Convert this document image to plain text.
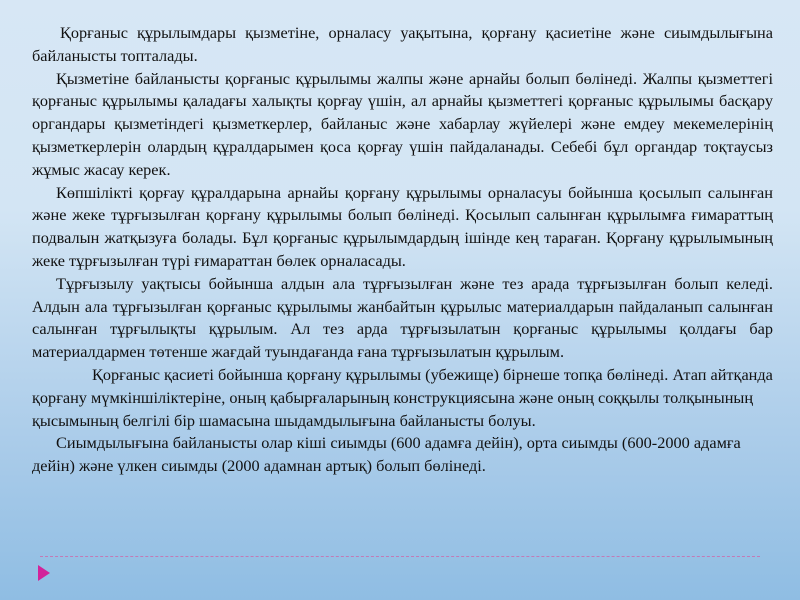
Қорғаныс құрылымдары қызметіне, орналасу уақытына, қорғану қасиетіне және сиымдылығына байланысты топталады.

Қызметіне байланысты қорғаныс құрылымы жалпы және арнайы болып бөлінеді. Жалпы қызметтегі қорғаныс құрылымы қаладағы халықты қорғау үшін, ал арнайы қызметтегі қорғаныс құрылымы басқару органдары қызметіндегі қызметкерлер, байланыс және хабарлау жүйелері және емдеу мекемелерінің қызметкерлерін олардың құралдарымен қоса қорғау үшін пайдаланады. Себебі бұл органдар тоқтаусыз жұмыс жасау керек.

Көпшілікті қорғау құралдарына арнайы қорғану құрылымы орналасуы бойынша қосылып салынған және жеке тұрғызылған қорғану құрылымы болып бөлінеді. Қосылып салынған құрылымға ғимараттың подвалын жатқызуға болады. Бұл қорғаныс құрылымдардың ішінде кең тараған. Қорғану құрылымының жеке тұрғызылған түрі ғимараттан бөлек орналасады.

Тұрғызылу уақтысы бойынша алдын ала тұрғызылған және тез арада тұрғызылған болып келеді. Алдын ала тұрғызылған қорғаныс құрылымы жанбайтын құрылыс материалдарын пайдаланып салынған салынған тұрғылықты құрылым. Ал тез арда тұрғызылатын қорғаныс құрылымы қолдағы бар материалдармен төтенше жағдай туындағанда ғана тұрғызылатын құрылым.

Қорғаныс қасиеті бойынша қорғану құрылымы (убежище) бірнеше топқа бөлінеді. Атап айтқанда қорғану мүмкіншіліктеріне, оның қабырғаларының конструкциясына және оның соққылы толқынының қысымының белгілі бір шамасына шыдамдылығына байланысты болуы.

Сиымдылығына байланысты олар кіші сиымды (600 адамға дейін), орта сиымды (600-2000 адамға дейін) және үлкен сиымды (2000 адамнан артық) болып бөлінеді.
